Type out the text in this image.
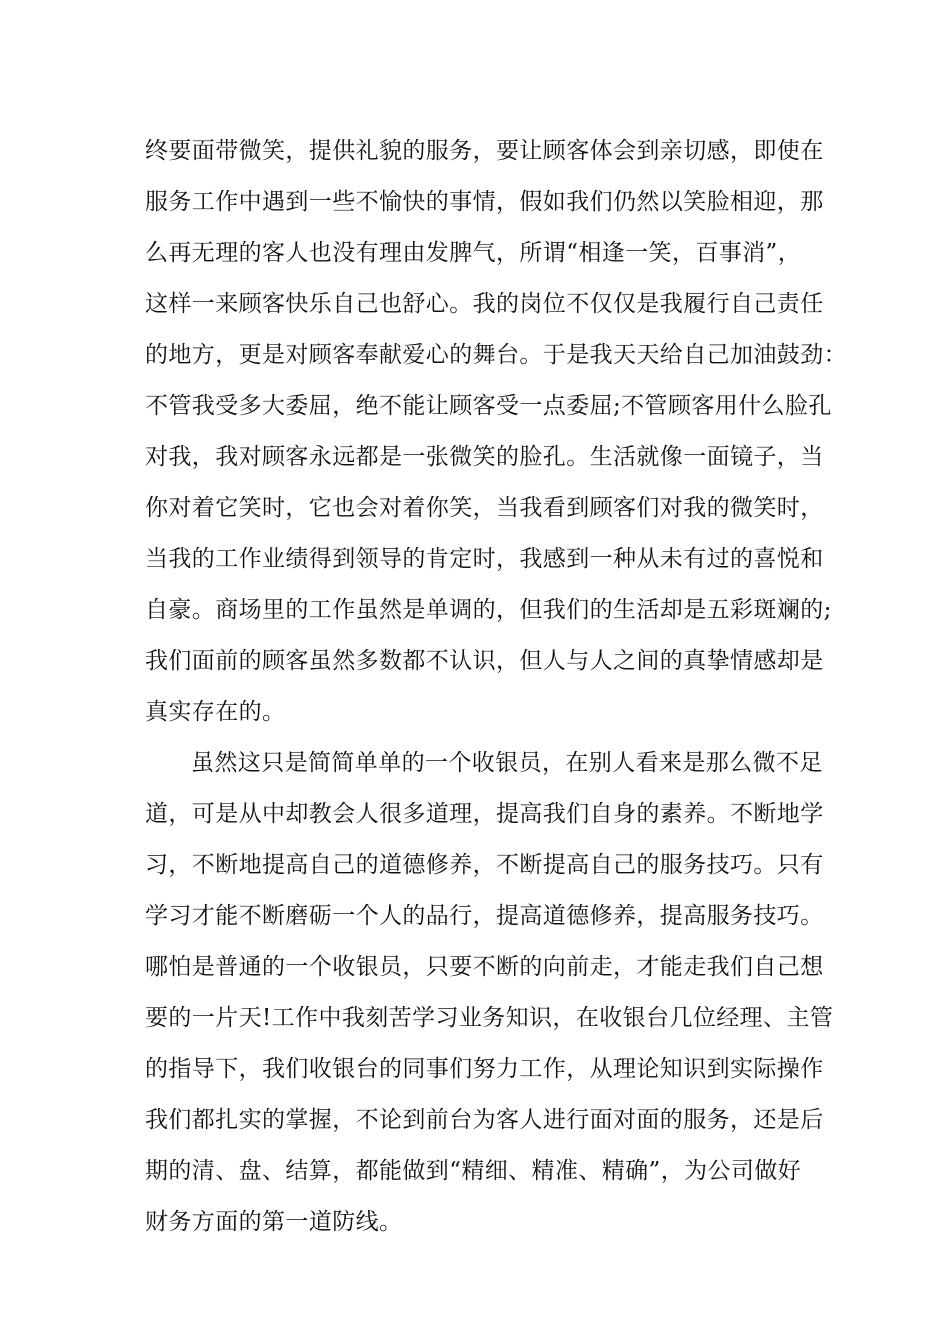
终要面带微笑，提供礼貌的服务，要让顾客体会到亲切感，即使在
服务工作中遇到一些不愉快的事情，假如我们仍然以笑脸相迎，那
么再无理的客人也没有理由发脾气，所谓“相逢一笑，百事消”，
这样一来顾客快乐自己也舒心。我的岗位不仅仅是我履行自己责任
的地方，更是对顾客奉献爱心的舞台。于是我天天给自己加油鼓劲：
不管我受多大委屈，绝不能让顾客受一点委屈;不管顾客用什么脸孔
对我，我对顾客永远都是一张微笑的脸孔。生活就像一面镜子，当
你对着它笑时，它也会对着你笑，当我看到顾客们对我的微笑时，
当我的工作业绩得到领导的肯定时，我感到一种从未有过的喜悦和
自豪。商场里的工作虽然是单调的，但我们的生活却是五彩斑斓的;
我们面前的顾客虽然多数都不认识，但人与人之间的真挚情感却是
真实存在的。
虽然这只是简简单单的一个收银员，在别人看来是那么微不足
道，可是从中却教会人很多道理，提高我们自身的素养。不断地学
习，不断地提高自己的道德修养，不断提高自己的服务技巧。只有
学习才能不断磨砺一个人的品行，提高道德修养，提高服务技巧。
哪怕是普通的一个收银员，只要不断的向前走，才能走我们自己想
要的一片天!工作中我刻苦学习业务知识，在收银台几位经理、主管
的指导下，我们收银台的同事们努力工作，从理论知识到实际操作
我们都扎实的掌握，不论到前台为客人进行面对面的服务，还是后
期的清、盘、结算，都能做到“精细、精准、精确”，为公司做好
财务方面的第一道防线。
